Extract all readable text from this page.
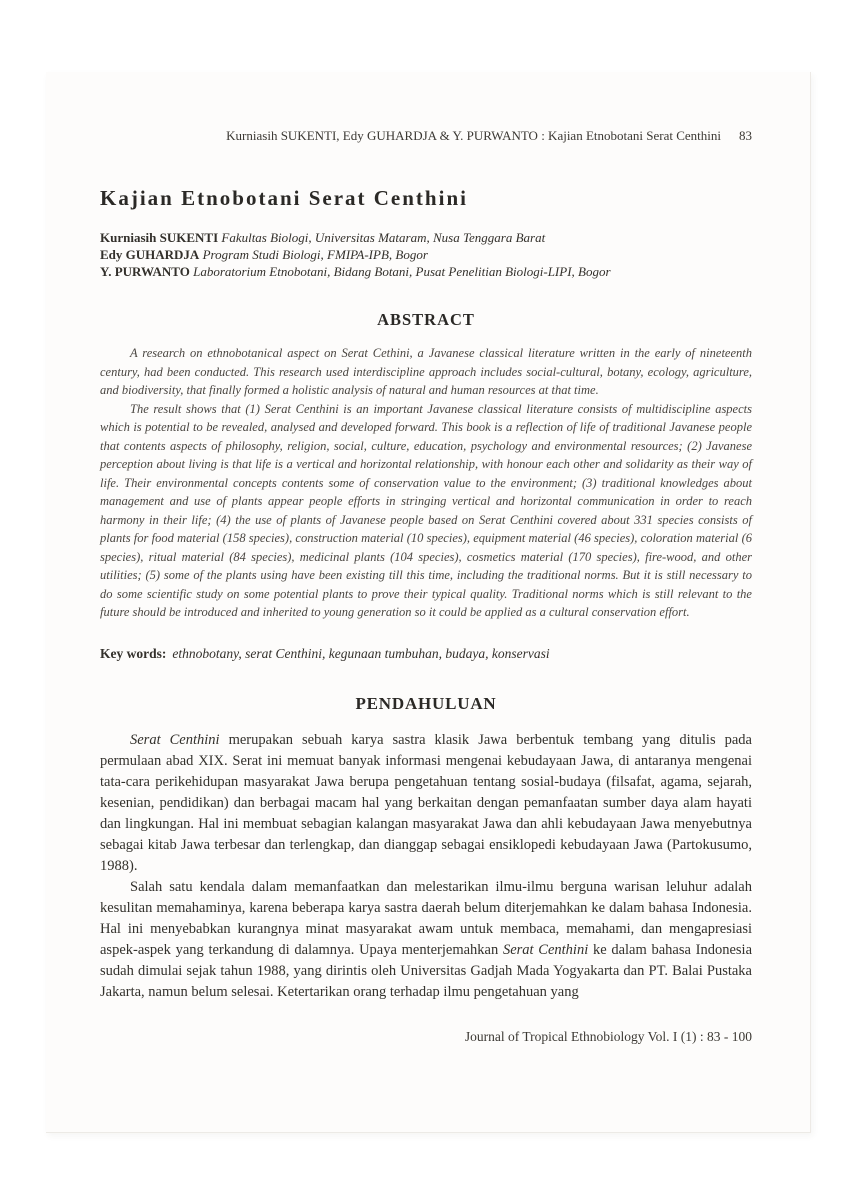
Kurniasih SUKENTI, Edy GUHARDJA & Y. PURWANTO : Kajian Etnobotani Serat Centhini 83
Kajian Etnobotani Serat Centhini
Kurniasih SUKENTI Fakultas Biologi, Universitas Mataram, Nusa Tenggara Barat
Edy GUHARDJA Program Studi Biologi, FMIPA-IPB, Bogor
Y. PURWANTO Laboratorium Etnobotani, Bidang Botani, Pusat Penelitian Biologi-LIPI, Bogor
ABSTRACT

A research on ethnobotanical aspect on Serat Cethini, a Javanese classical literature written in the early of nineteenth century, had been conducted. This research used interdiscipline approach includes social-cultural, botany, ecology, agriculture, and biodiversity, that finally formed a holistic analysis of natural and human resources at that time.

The result shows that (1) Serat Centhini is an important Javanese classical literature consists of multidiscipline aspects which is potential to be revealed, analysed and developed forward. This book is a reflection of life of traditional Javanese people that contents aspects of philosophy, religion, social, culture, education, psychology and environmental resources; (2) Javanese perception about living is that life is a vertical and horizontal relationship, with honour each other and solidarity as their way of life. Their environmental concepts contents some of conservation value to the environment; (3) traditional knowledges about management and use of plants appear people efforts in stringing vertical and horizontal communication in order to reach harmony in their life; (4) the use of plants of Javanese people based on Serat Centhini covered about 331 species consists of plants for food material (158 species), construction material (10 species), equipment material (46 species), coloration material (6 species), ritual material (84 species), medicinal plants (104 species), cosmetics material (170 species), fire-wood, and other utilities; (5) some of the plants using have been existing till this time, including the traditional norms. But it is still necessary to do some scientific study on some potential plants to prove their typical quality. Traditional norms which is still relevant to the future should be introduced and inherited to young generation so it could be applied as a cultural conservation effort.

Key words: ethnobotany, serat Centhini, kegunaan tumbuhan, budaya, konservasi

PENDAHULUAN

Serat Centhini merupakan sebuah karya sastra klasik Jawa berbentuk tembang yang ditulis pada permulaan abad XIX. Serat ini memuat banyak informasi mengenai kebudayaan Jawa, di antaranya mengenai tata-cara perikehidupan masyarakat Jawa berupa pengetahuan tentang sosial-budaya (filsafat, agama, sejarah, kesenian, pendidikan) dan berbagai macam hal yang berkaitan dengan pemanfaatan sumber daya alam hayati dan lingkungan. Hal ini membuat sebagian kalangan masyarakat Jawa dan ahli kebudayaan Jawa menyebutnya sebagai kitab Jawa terbesar dan terlengkap, dan dianggap sebagai ensiklopedi kebudayaan Jawa (Partokusumo, 1988).

Salah satu kendala dalam memanfaatkan dan melestarikan ilmu-ilmu berguna warisan leluhur adalah kesulitan memahaminya, karena beberapa karya sastra daerah belum diterjemahkan ke dalam bahasa Indonesia. Hal ini menyebabkan kurangnya minat masyarakat awam untuk membaca, memahami, dan mengapresiasi aspek-aspek yang terkandung di dalamnya. Upaya menterjemahkan Serat Centhini ke dalam bahasa Indonesia sudah dimulai sejak tahun 1988, yang dirintis oleh Universitas Gadjah Mada Yogyakarta dan PT. Balai Pustaka Jakarta, namun belum selesai. Ketertarikan orang terhadap ilmu pengetahuan yang

Journal of Tropical Ethnobiology Vol. I (1) : 83 - 100
